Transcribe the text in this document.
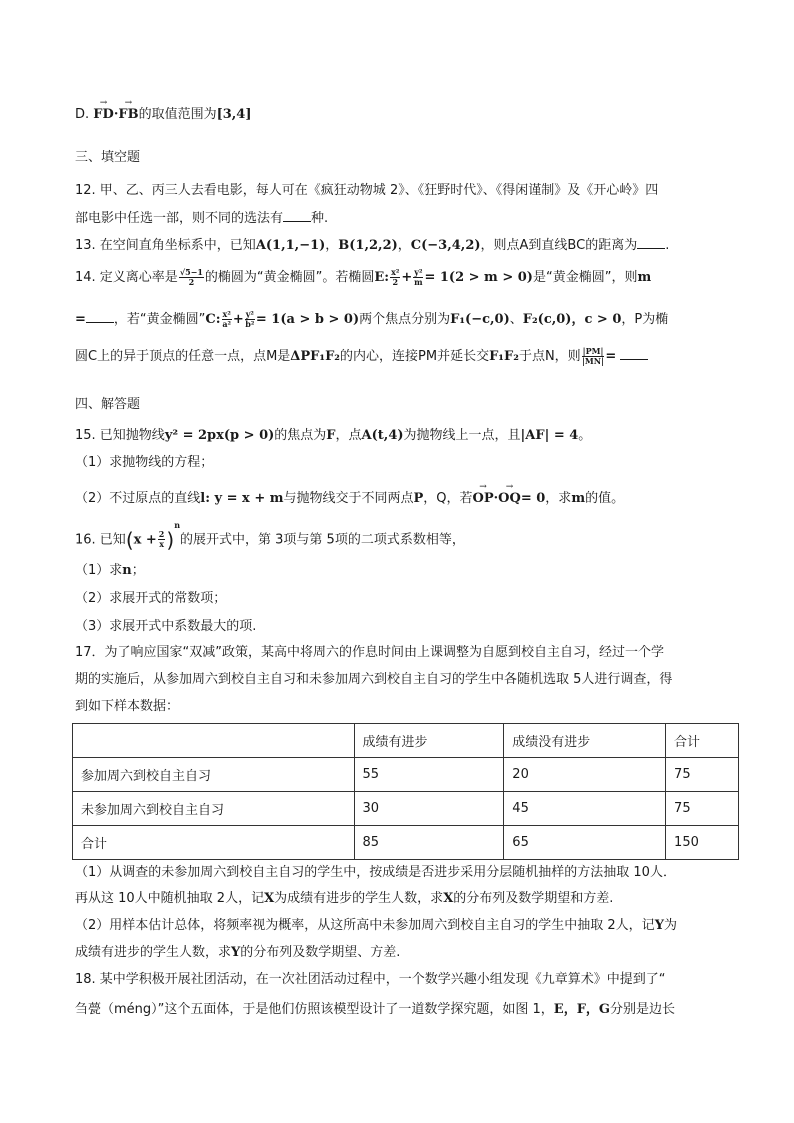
D. → FD·→ FB的取值范围为[3,4]
三、填空题
12. 甲、乙、丙三人去看电影，每人可在《疯狂动物城 2》、《狂野时代》、《得闲谨制》及《开心岭》四
部电影中任选一部，则不同的选法有 种.
13. 在空间直角坐标系中，已知A(1,1,−1)，B(1,2,2)，C(−3,4,2)，则点A到直线BC的距离为 .
14. 定义离心率是 $\frac{√5-1}{2}$ 的椭圆为“黄金椭圆”。若椭圆E: $\frac{\text{x²}}{2} + \frac{\text{y²}}{m} = 1(2 > m > 0)$是“黄金椭圆”，则m
= ，若“黄金椭圆”C: $\frac{\text{x²}}{\text{a²}} + \frac{\text{y²}}{\text{b²}} = 1(a > b > 0)$两个焦点分别为F₁(−c,0)、F₂(c,0)，c > 0，P为椭
圆C上的异于顶点的任意一点，点M是ΔPF₁F₂的内心，连接PM并延长交F₁F₂于点N，则 $\frac{|PM|}{|MN|}$ =
四、解答题
15. 已知抛物线y² = 2px(p > 0)的焦点为F，点A(t,4)为抛物线上一点，且|AF| = 4。
（1）求抛物线的方程；
（2）不过原点的直线l: y = x + m与抛物线交于不同两点P，Q，若→ OP·→ OQ= 0，求m的值。
16. 已知$(x + \frac{2}{x} )^n$的展开式中，第 3项与第 5项的二项式系数相等，
（1）求n；
（2）求展开式的常数项；
（3）求展开式中系数最大的项.
17．为了响应国家“双减”政策，某高中将周六的作息时间由上课调整为自愿到校自主自习，经过一个学
期的实施后，从参加周六到校自主自习和未参加周六到校自主自习的学生中各随机选取 5人进行调查，得
到如下样本数据：
	成绩有进步	成绩没有进步	合计
参加周六到校自主自习	55	20	75
未参加周六到校自主自习	30	45	75
合计	85	65	150
（1）从调查的未参加周六到校自主自习的学生中，按成绩是否进步采用分层随机抽样的方法抽取 10人．
再从这 10人中随机抽取 2人，记X为成绩有进步的学生人数，求X的分布列及数学期望和方差.
（2）用样本估计总体，将频率视为概率，从这所高中未参加周六到校自主自习的学生中抽取 2人，记Y为
成绩有进步的学生人数，求Y的分布列及数学期望、方差.
18. 某中学积极开展社团活动，在一次社团活动过程中，一个数学兴趣小组发现《九章算术》中提到了“
刍甍（méng）”这个五面体，于是他们仿照该模型设计了一道数学探究题，如图 1，E，F，G分别是边长
